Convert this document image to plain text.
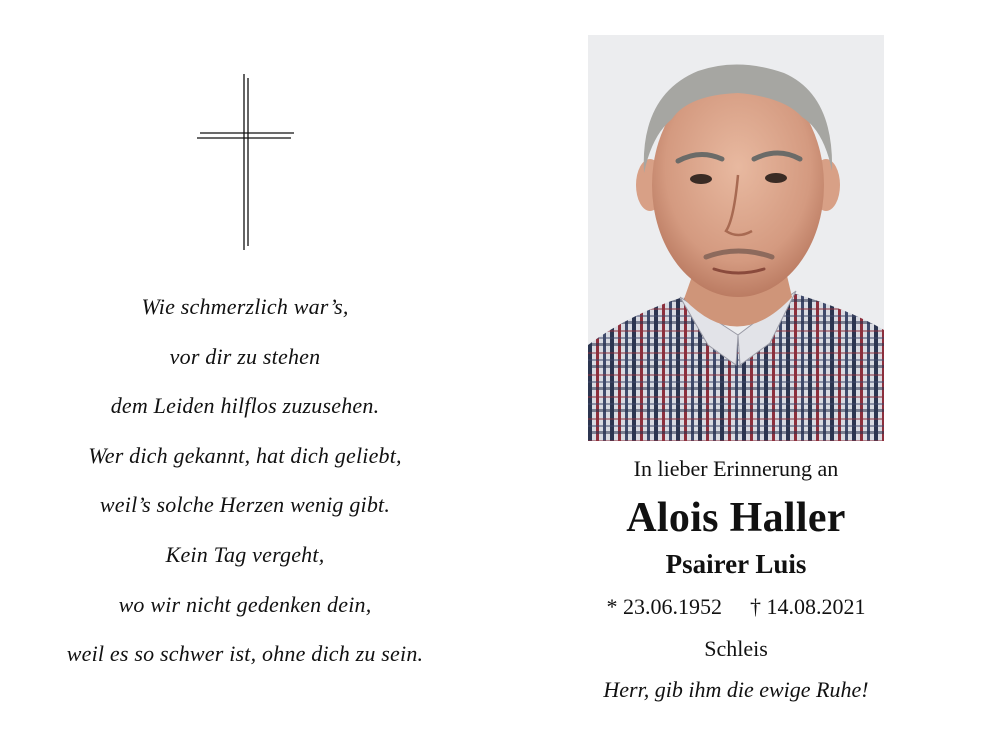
Wie schmerzlich war’s,
vor dir zu stehen
dem Leiden hilflos zuzusehen.
Wer dich gekannt, hat dich geliebt,
weil’s solche Herzen wenig gibt.
Kein Tag vergeht,
wo wir nicht gedenken dein,
weil es so schwer ist, ohne dich zu sein.
In lieber Erinnerung an
Alois Haller
Psairer Luis
* 23.06.1952 † 14.08.2021
Schleis
Herr, gib ihm die ewige Ruhe!
